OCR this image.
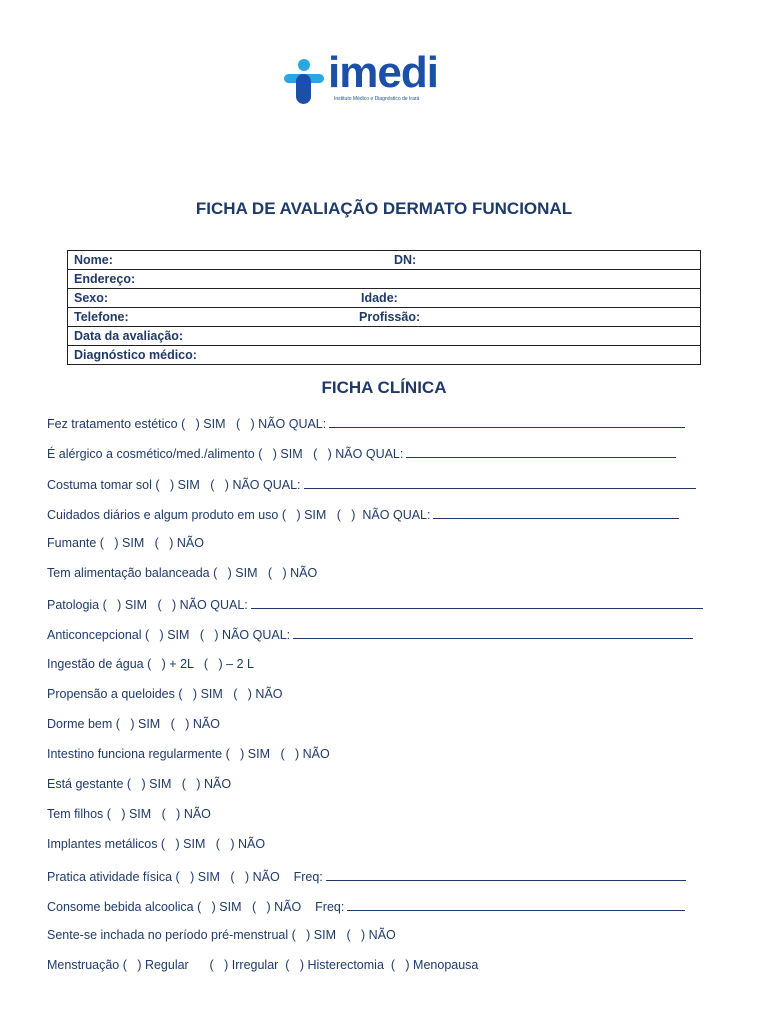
imedi
Instituto Médico e Diagnóstico de Irará
FICHA DE AVALIAÇÃO DERMATO FUNCIONAL
Nome:	DN:
Endereço:
Sexo:	Idade:
Telefone:	Profissão:
Data da avaliação:
Diagnóstico médico:
FICHA CLÍNICA
Fez tratamento estético (   ) SIM   (   ) NÃO QUAL:
É alérgico a cosmético/med./alimento (   ) SIM   (   ) NÃO QUAL:
Costuma tomar sol (   ) SIM   (   ) NÃO QUAL:
Cuidados diários e algum produto em uso (   ) SIM   (   )  NÃO QUAL:
Fumante (   ) SIM   (   ) NÃO
Tem alimentação balanceada (   ) SIM   (   ) NÃO
Patologia (   ) SIM   (   ) NÃO QUAL:
Anticoncepcional (   ) SIM   (   ) NÃO QUAL:
Ingestão de água (   ) + 2L   (   ) – 2 L
Propensão a queloides (   ) SIM   (   ) NÃO
Dorme bem (   ) SIM   (   ) NÃO
Intestino funciona regularmente (   ) SIM   (   ) NÃO
Está gestante (   ) SIM   (   ) NÃO
Tem filhos (   ) SIM   (   ) NÃO
Implantes metálicos (   ) SIM   (   ) NÃO
Pratica atividade física (   ) SIM   (   ) NÃO    Freq:
Consome bebida alcoolica (   ) SIM   (   ) NÃO    Freq:
Sente-se inchada no período pré-menstrual (   ) SIM   (   ) NÃO
Menstruação (   ) Regular      (   ) Irregular  (   ) Histerectomia  (   ) Menopausa
